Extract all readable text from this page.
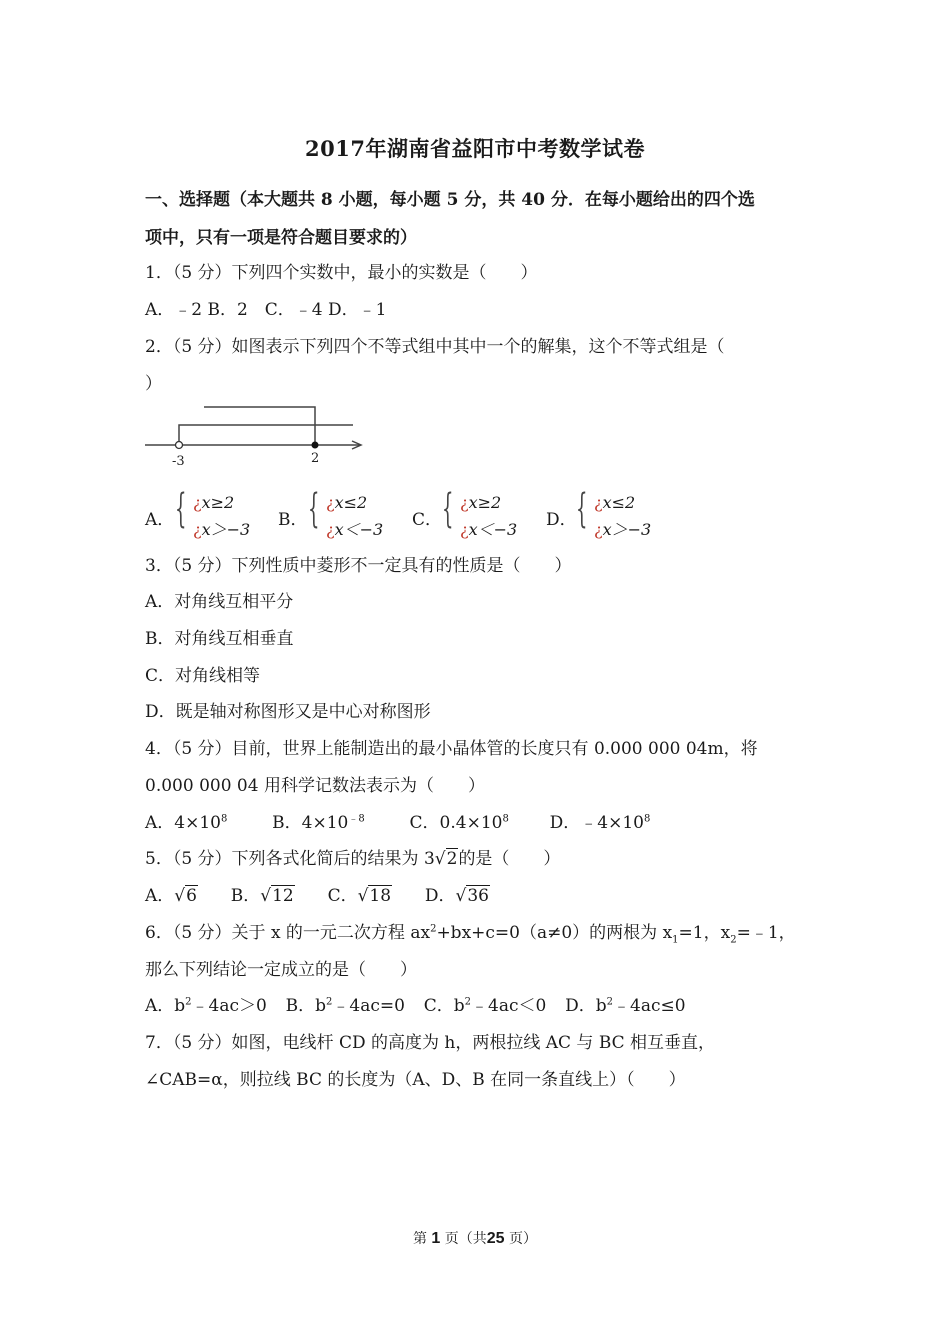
2017年湖南省益阳市中考数学试卷
一、选择题（本大题共 8 小题，每小题 5 分，共 40 分．在每小题给出的四个选
项中，只有一项是符合题目要求的）
1．（5 分）下列四个实数中，最小的实数是（　　）
A．﹣2 B．2　C．﹣4 D．﹣1
2．（5 分）如图表示下列四个不等式组中其中一个的解集，这个不等式组是（
）
-3	2
A． { ¿x≥2
¿x＞−3 B． { ¿x≤2
¿x＜−3 C． { ¿x≥2
¿x＜−3 D． { ¿x≤2
¿x＞−3
3．（5 分）下列性质中菱形不一定具有的性质是（　　）
A．对角线互相平分
B．对角线互相垂直
C．对角线相等
D．既是轴对称图形又是中心对称图形
4．（5 分）目前，世界上能制造出的最小晶体管的长度只有 0.000 000 04m，将
0.000 000 04 用科学记数法表示为（　　）
A．$4\times 10^8$	B．$4\times 10^{﹣8}$	C．$0.4\times 10^8$ D．$﹣4\times 10^8$
5．（5 分）下列各式化简后的结果为 3√2的是（　　）
A．√6 B．√12 C．√18 D．√36
6．（5 分）关于 x 的一元二次方程 $ax^2+bx+c=0(a\ne 0)$的两根为 $x_1=1$，$x_2=﹣1$，
那么下列结论一定成立的是（　　）
A．$b^2﹣4ac>0$ B．$b^2﹣4ac=0$ C．$b^2﹣4ac<0$ D．$b^2﹣4ac\le 0$
7．（5 分）如图，电线杆 CD 的高度为 h，两根拉线 AC 与 BC 相互垂直，
∠CAB=α，则拉线 BC 的长度为（A、D、B 在同一条直线上）（　　）
第 1 页（共25 页）
